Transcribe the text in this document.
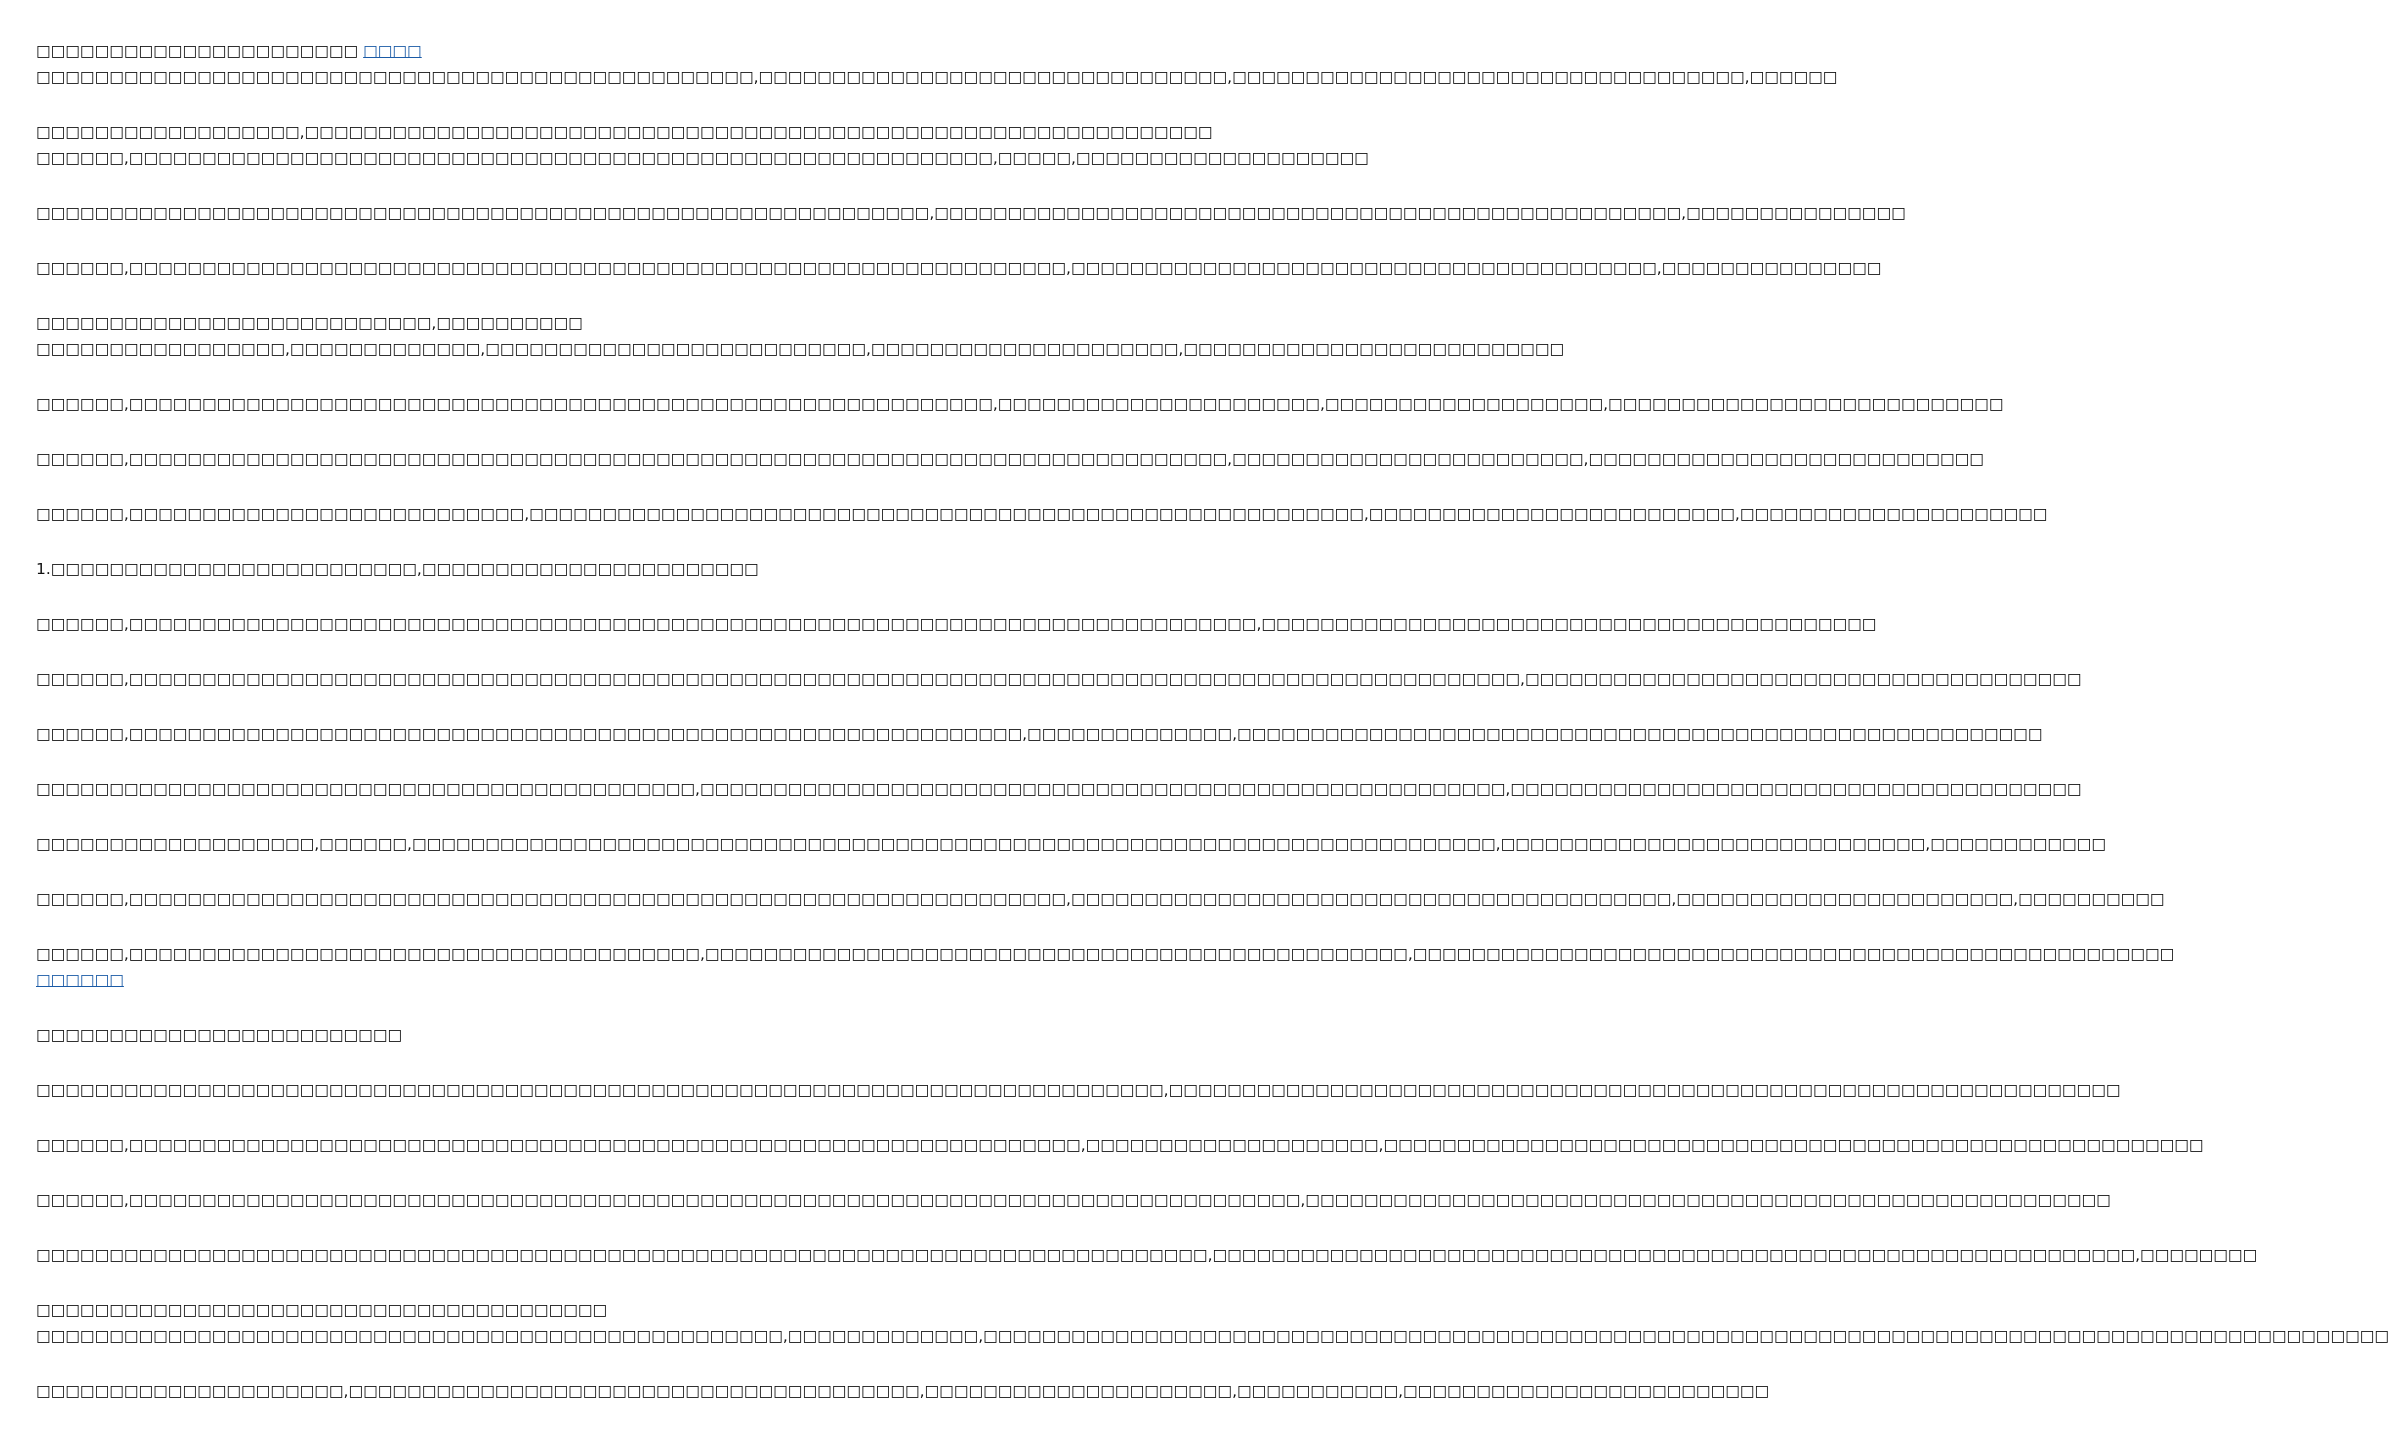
□□□□□□□□□□□□□□□□□□□□□□ □□□□
□□□□□□□□□□□□□□□□□□□□□□□□□□□□□□□□□□□□□□□□□□□□□□□□□,□□□□□□□□□□□□□□□□□□□□□□□□□□□□□□□□,□□□□□□□□□□□□□□□□□□□□□□□□□□□□□□□□□□□,□□□□□□
□□□□□□□□□□□□□□□□□□,□□□□□□□□□□□□□□□□□□□□□□□□□□□□□□□□□□□□□□□□□□□□□□□□□□□□□□□□□□□□□□
□□□□□□,□□□□□□□□□□□□□□□□□□□□□□□□□□□□□□□□□□□□□□□□□□□□□□□□□□□□□□□□□□□,□□□□□,□□□□□□□□□□□□□□□□□□□□
□□□□□□□□□□□□□□□□□□□□□□□□□□□□□□□□□□□□□□□□□□□□□□□□□□□□□□□□□□□□□,□□□□□□□□□□□□□□□□□□□□□□□□□□□□□□□□□□□□□□□□□□□□□□□□□□□,□□□□□□□□□□□□□□□
□□□□□□,□□□□□□□□□□□□□□□□□□□□□□□□□□□□□□□□□□□□□□□□□□□□□□□□□□□□□□□□□□□□□□□□,□□□□□□□□□□□□□□□□□□□□□□□□□□□□□□□□□□□□□□□□,□□□□□□□□□□□□□□□
□□□□□□□□□□□□□□□□□□□□□□□□□□□,□□□□□□□□□□
□□□□□□□□□□□□□□□□□,□□□□□□□□□□□□□,□□□□□□□□□□□□□□□□□□□□□□□□□□,□□□□□□□□□□□□□□□□□□□□□,□□□□□□□□□□□□□□□□□□□□□□□□□□
□□□□□□,□□□□□□□□□□□□□□□□□□□□□□□□□□□□□□□□□□□□□□□□□□□□□□□□□□□□□□□□□□□,□□□□□□□□□□□□□□□□□□□□□□,□□□□□□□□□□□□□□□□□□□,□□□□□□□□□□□□□□□□□□□□□□□□□□□
□□□□□□,□□□□□□□□□□□□□□□□□□□□□□□□□□□□□□□□□□□□□□□□□□□□□□□□□□□□□□□□□□□□□□□□□□□□□□□□□□□,□□□□□□□□□□□□□□□□□□□□□□□□,□□□□□□□□□□□□□□□□□□□□□□□□□□□
□□□□□□,□□□□□□□□□□□□□□□□□□□□□□□□□□□,□□□□□□□□□□□□□□□□□□□□□□□□□□□□□□□□□□□□□□□□□□□□□□□□□□□□□□□□□,□□□□□□□□□□□□□□□□□□□□□□□□□,□□□□□□□□□□□□□□□□□□□□□
1.□□□□□□□□□□□□□□□□□□□□□□□□□,□□□□□□□□□□□□□□□□□□□□□□□
□□□□□□,□□□□□□□□□□□□□□□□□□□□□□□□□□□□□□□□□□□□□□□□□□□□□□□□□□□□□□□□□□□□□□□□□□□□□□□□□□□□□,□□□□□□□□□□□□□□□□□□□□□□□□□□□□□□□□□□□□□□□□□□
□□□□□□,□□□□□□□□□□□□□□□□□□□□□□□□□□□□□□□□□□□□□□□□□□□□□□□□□□□□□□□□□□□□□□□□□□□□□□□□□□□□□□□□□□□□□□□□□□□□□□□,□□□□□□□□□□□□□□□□□□□□□□□□□□□□□□□□□□□□□□
□□□□□□,□□□□□□□□□□□□□□□□□□□□□□□□□□□□□□□□□□□□□□□□□□□□□□□□□□□□□□□□□□□□□,□□□□□□□□□□□□□□,□□□□□□□□□□□□□□□□□□□□□□□□□□□□□□□□□□□□□□□□□□□□□□□□□□□□□□□
□□□□□□□□□□□□□□□□□□□□□□□□□□□□□□□□□□□□□□□□□□□□□,□□□□□□□□□□□□□□□□□□□□□□□□□□□□□□□□□□□□□□□□□□□□□□□□□□□□□□□,□□□□□□□□□□□□□□□□□□□□□□□□□□□□□□□□□□□□□□□
□□□□□□□□□□□□□□□□□□□,□□□□□□,□□□□□□□□□□□□□□□□□□□□□□□□□□□□□□□□□□□□□□□□□□□□□□□□□□□□□□□□□□□□□□□□□□□□□□□□□□,□□□□□□□□□□□□□□□□□□□□□□□□□□□□□,□□□□□□□□□□□□
□□□□□□,□□□□□□□□□□□□□□□□□□□□□□□□□□□□□□□□□□□□□□□□□□□□□□□□□□□□□□□□□□□□□□□□,□□□□□□□□□□□□□□□□□□□□□□□□□□□□□□□□□□□□□□□□□,□□□□□□□□□□□□□□□□□□□□□□□,□□□□□□□□□□
□□□□□□,□□□□□□□□□□□□□□□□□□□□□□□□□□□□□□□□□□□□□□□,□□□□□□□□□□□□□□□□□□□□□□□□□□□□□□□□□□□□□□□□□□□□□□□□,□□□□□□□□□□□□□□□□□□□□□□□□□□□□□□□□□□□□□□□□□□□□□□□□□□□□
□□□□□□
□□□□□□□□□□□□□□□□□□□□□□□□□
□□□□□□□□□□□□□□□□□□□□□□□□□□□□□□□□□□□□□□□□□□□□□□□□□□□□□□□□□□□□□□□□□□□□□□□□□□□□□,□□□□□□□□□□□□□□□□□□□□□□□□□□□□□□□□□□□□□□□□□□□□□□□□□□□□□□□□□□□□□□□□□
□□□□□□,□□□□□□□□□□□□□□□□□□□□□□□□□□□□□□□□□□□□□□□□□□□□□□□□□□□□□□□□□□□□□□□□□,□□□□□□□□□□□□□□□□□□□□,□□□□□□□□□□□□□□□□□□□□□□□□□□□□□□□□□□□□□□□□□□□□□□□□□□□□□□□□
□□□□□□,□□□□□□□□□□□□□□□□□□□□□□□□□□□□□□□□□□□□□□□□□□□□□□□□□□□□□□□□□□□□□□□□□□□□□□□□□□□□□□□□,□□□□□□□□□□□□□□□□□□□□□□□□□□□□□□□□□□□□□□□□□□□□□□□□□□□□□□□
□□□□□□□□□□□□□□□□□□□□□□□□□□□□□□□□□□□□□□□□□□□□□□□□□□□□□□□□□□□□□□□□□□□□□□□□□□□□□□□□,□□□□□□□□□□□□□□□□□□□□□□□□□□□□□□□□□□□□□□□□□□□□□□□□□□□□□□□□□□□□□□□,□□□□□□□□
□□□□□□□□□□□□□□□□□□□□□□□□□□□□□□□□□□□□□□□
□□□□□□□□□□□□□□□□□□□□□□□□□□□□□□□□□□□□□□□□□□□□□□□□□□□,□□□□□□□□□□□□□,□□□□□□□□□□□□□□□□□□□□□□□□□□□□□□□□□□□□□□□□□□□□□□□□□□□□□□□□□□□□□□□□□□□□□□□□□□□□□□□□□□□□□□□□□□□□□□□□
□□□□□□□□□□□□□□□□□□□□□,□□□□□□□□□□□□□□□□□□□□□□□□□□□□□□□□□□□□□□□,□□□□□□□□□□□□□□□□□□□□□,□□□□□□□□□□□,□□□□□□□□□□□□□□□□□□□□□□□□□
